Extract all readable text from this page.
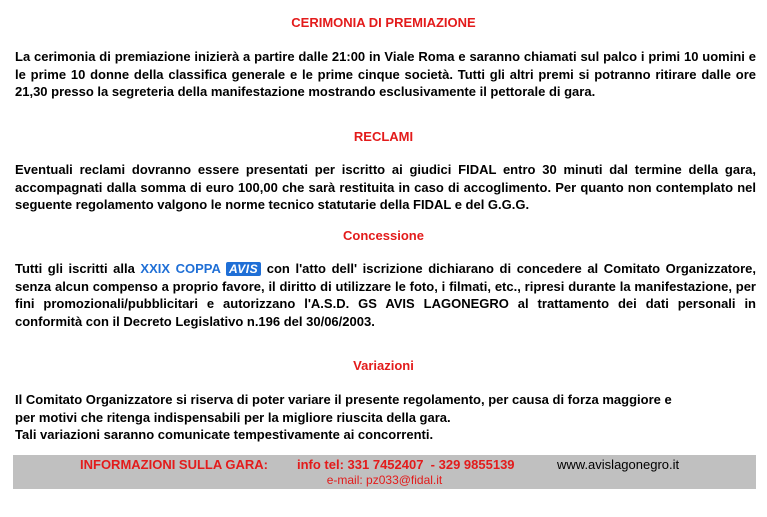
CERIMONIA DI PREMIAZIONE
La cerimonia di premiazione inizierà a partire dalle 21:00 in Viale Roma e saranno chiamati sul palco i primi 10 uomini e le prime 10 donne della classifica generale e le prime cinque società. Tutti gli altri premi si potranno ritirare dalle ore 21,30 presso la segreteria della manifestazione mostrando esclusivamente il pettorale di gara.
RECLAMI
Eventuali reclami dovranno essere presentati per iscritto ai giudici FIDAL entro 30 minuti dal termine della gara, accompagnati dalla somma di euro 100,00 che sarà restituita in caso di accoglimento. Per quanto non contemplato nel seguente regolamento valgono le norme tecnico statutarie della FIDAL e del G.G.G.
Concessione
Tutti gli iscritti alla XXIX COPPA AVIS con l'atto dell' iscrizione dichiarano di concedere al Comitato Organizzatore, senza alcun compenso a proprio favore, il diritto di utilizzare le foto, i filmati, etc., ripresi durante la manifestazione, per fini promozionali/pubblicitari e autorizzano l'A.S.D. GS AVIS LAGONEGRO al trattamento dei dati personali in conformità con il Decreto Legislativo n.196 del 30/06/2003.
Variazioni
Il Comitato Organizzatore si riserva di poter variare il presente regolamento, per causa di forza maggiore e
per motivi che ritenga indispensabili per la migliore riuscita della gara.
Tali variazioni saranno comunicate tempestivamente ai concorrenti.
INFORMAZIONI SULLA GARA: info tel: 331 7452407  - 329 9855139	www.avislagonegro.it
e-mail: pz033@fidal.it
